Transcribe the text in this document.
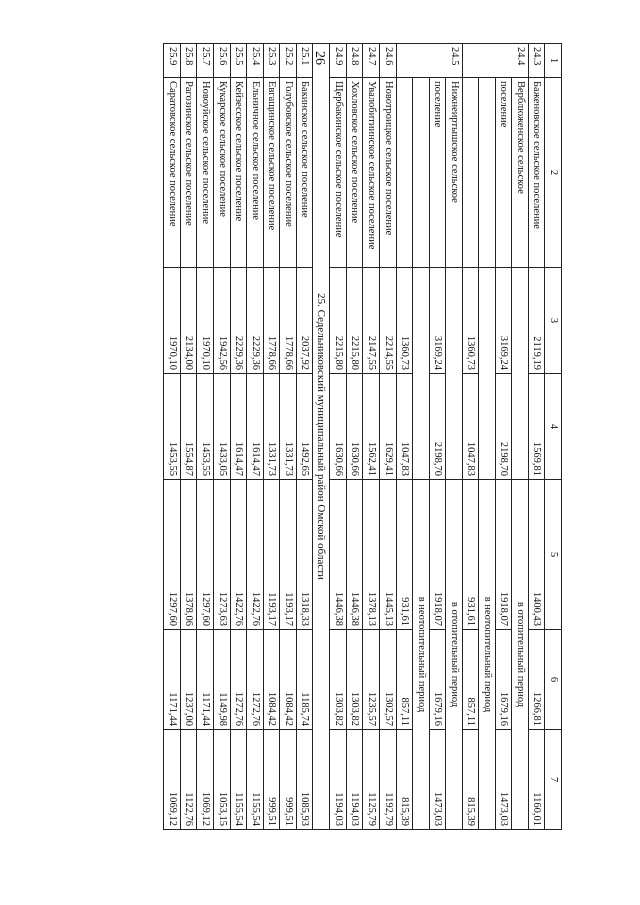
26	1	2	3	4	5	6	7
24.3	Баженовское сельское поселение	2119,19	1569,81	1400,43	1266,81	1160,01
24.4	Верблюженское сельское			в отопительный период		
	поселение	3169,24	2198,70	1918,07	1679,16	1473,03
				в неотопительный период		
		1360,73	1047,83	931,61	857,11	815,39
24.5	Нижнеиртышское сельское			в отопительный период		
	поселение	3169,24	2198,70	1918,07	1679,16	1473,03
				в неотопительный период		
		1360,73	1047,83	931,61	857,11	815,39
24.6	Новотроицкое сельское поселение	2214,55	1629,41	1445,13	1302,57	1192,79
24.7	Увалобитиинское сельское поселение	2147,55	1562,41	1378,13	1235,57	1125,79
24.8	Хохловское сельское поселение	2215,80	1630,66	1446,38	1303,82	1194,03
24.9	Щербакинское сельское поселение	2215,80	1630,66	1446,38	1303,82	1194,03
25. Седельниковский муниципальный район Омской области						
25.1	Бакинское сельское поселение	2037,92	1492,65	1318,33	1185,74	1085,93
25.2	Голубовское сельское поселение	1778,66	1331,73	1193,17	1084,42	999,51
25.3	Евгащинское сельское поселение	1778,66	1331,73	1193,17	1084,42	999,51
25.4	Ельничное сельское поселение	2229,36	1614,47	1422,76	1272,76	1155,54
25.5	Кейзесское сельское поселение	2229,36	1614,47	1422,76	1272,76	1155,54
25.6	Кукарское сельское поселение	1942,56	1433,05	1273,63	1149,98	1053,15
25.7	Новоуйское сельское поселение	1970,10	1453,55	1297,60	1171,44	1069,12
25.8	Рагозинское сельское поселение	2134,00	1554,87	1378,06	1237,00	1122,76
25.9	Саратовское сельское поселение	1970,10	1453,55	1297,60	1171,44	1069,12
